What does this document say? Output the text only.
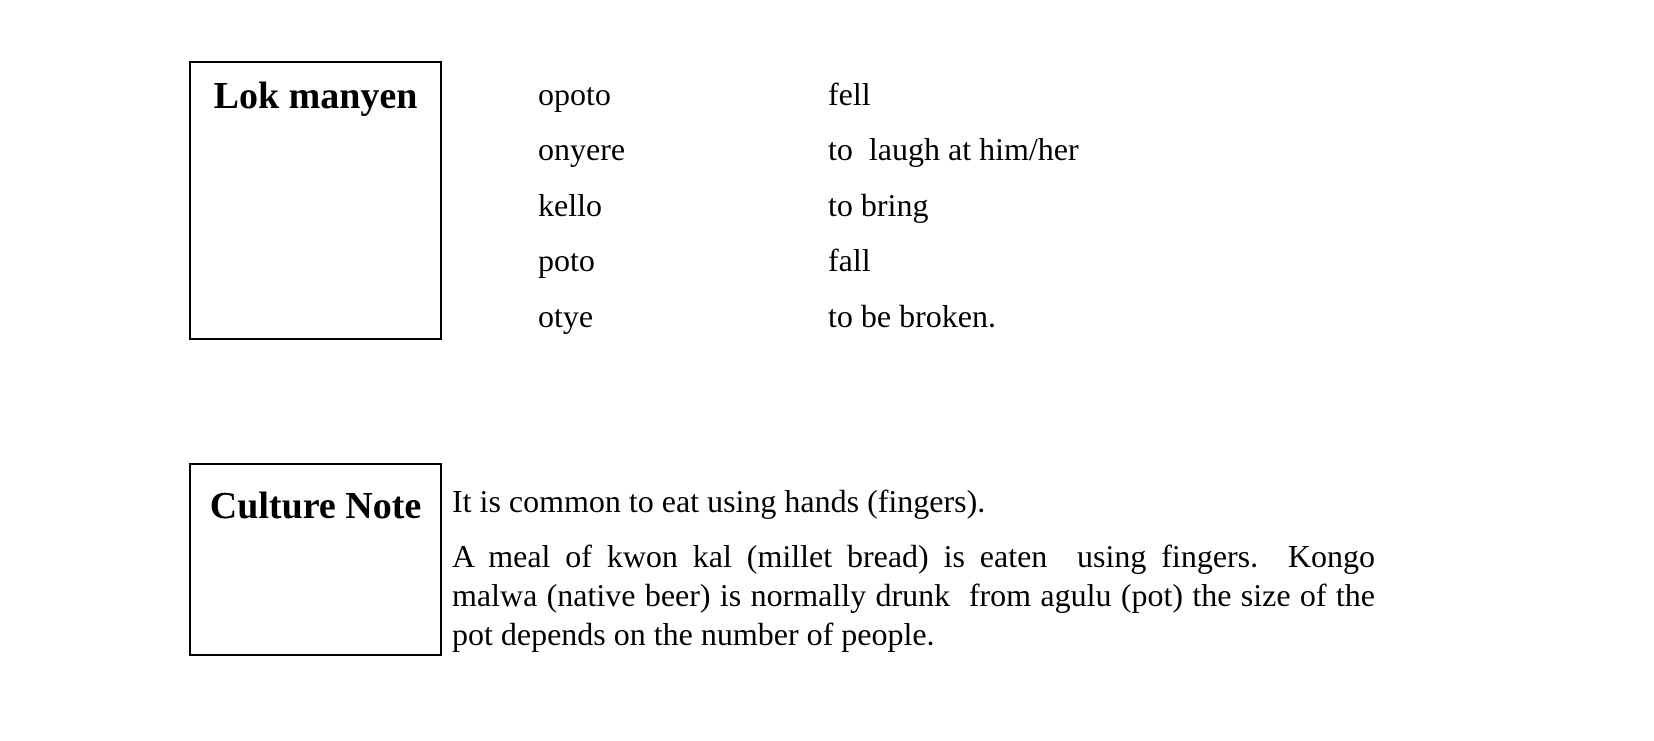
Lok manyen	opoto	fell
onyere	to  laugh at him/her
kello	to bring
poto	fall
otye	to be broken.
Culture Note It is common to eat using hands (fingers).

A meal of kwon kal (millet bread) is eaten  using fingers.  Kongo malwa (native beer) is normally drunk  from agulu (pot) the size of the pot depends on the number of people.
